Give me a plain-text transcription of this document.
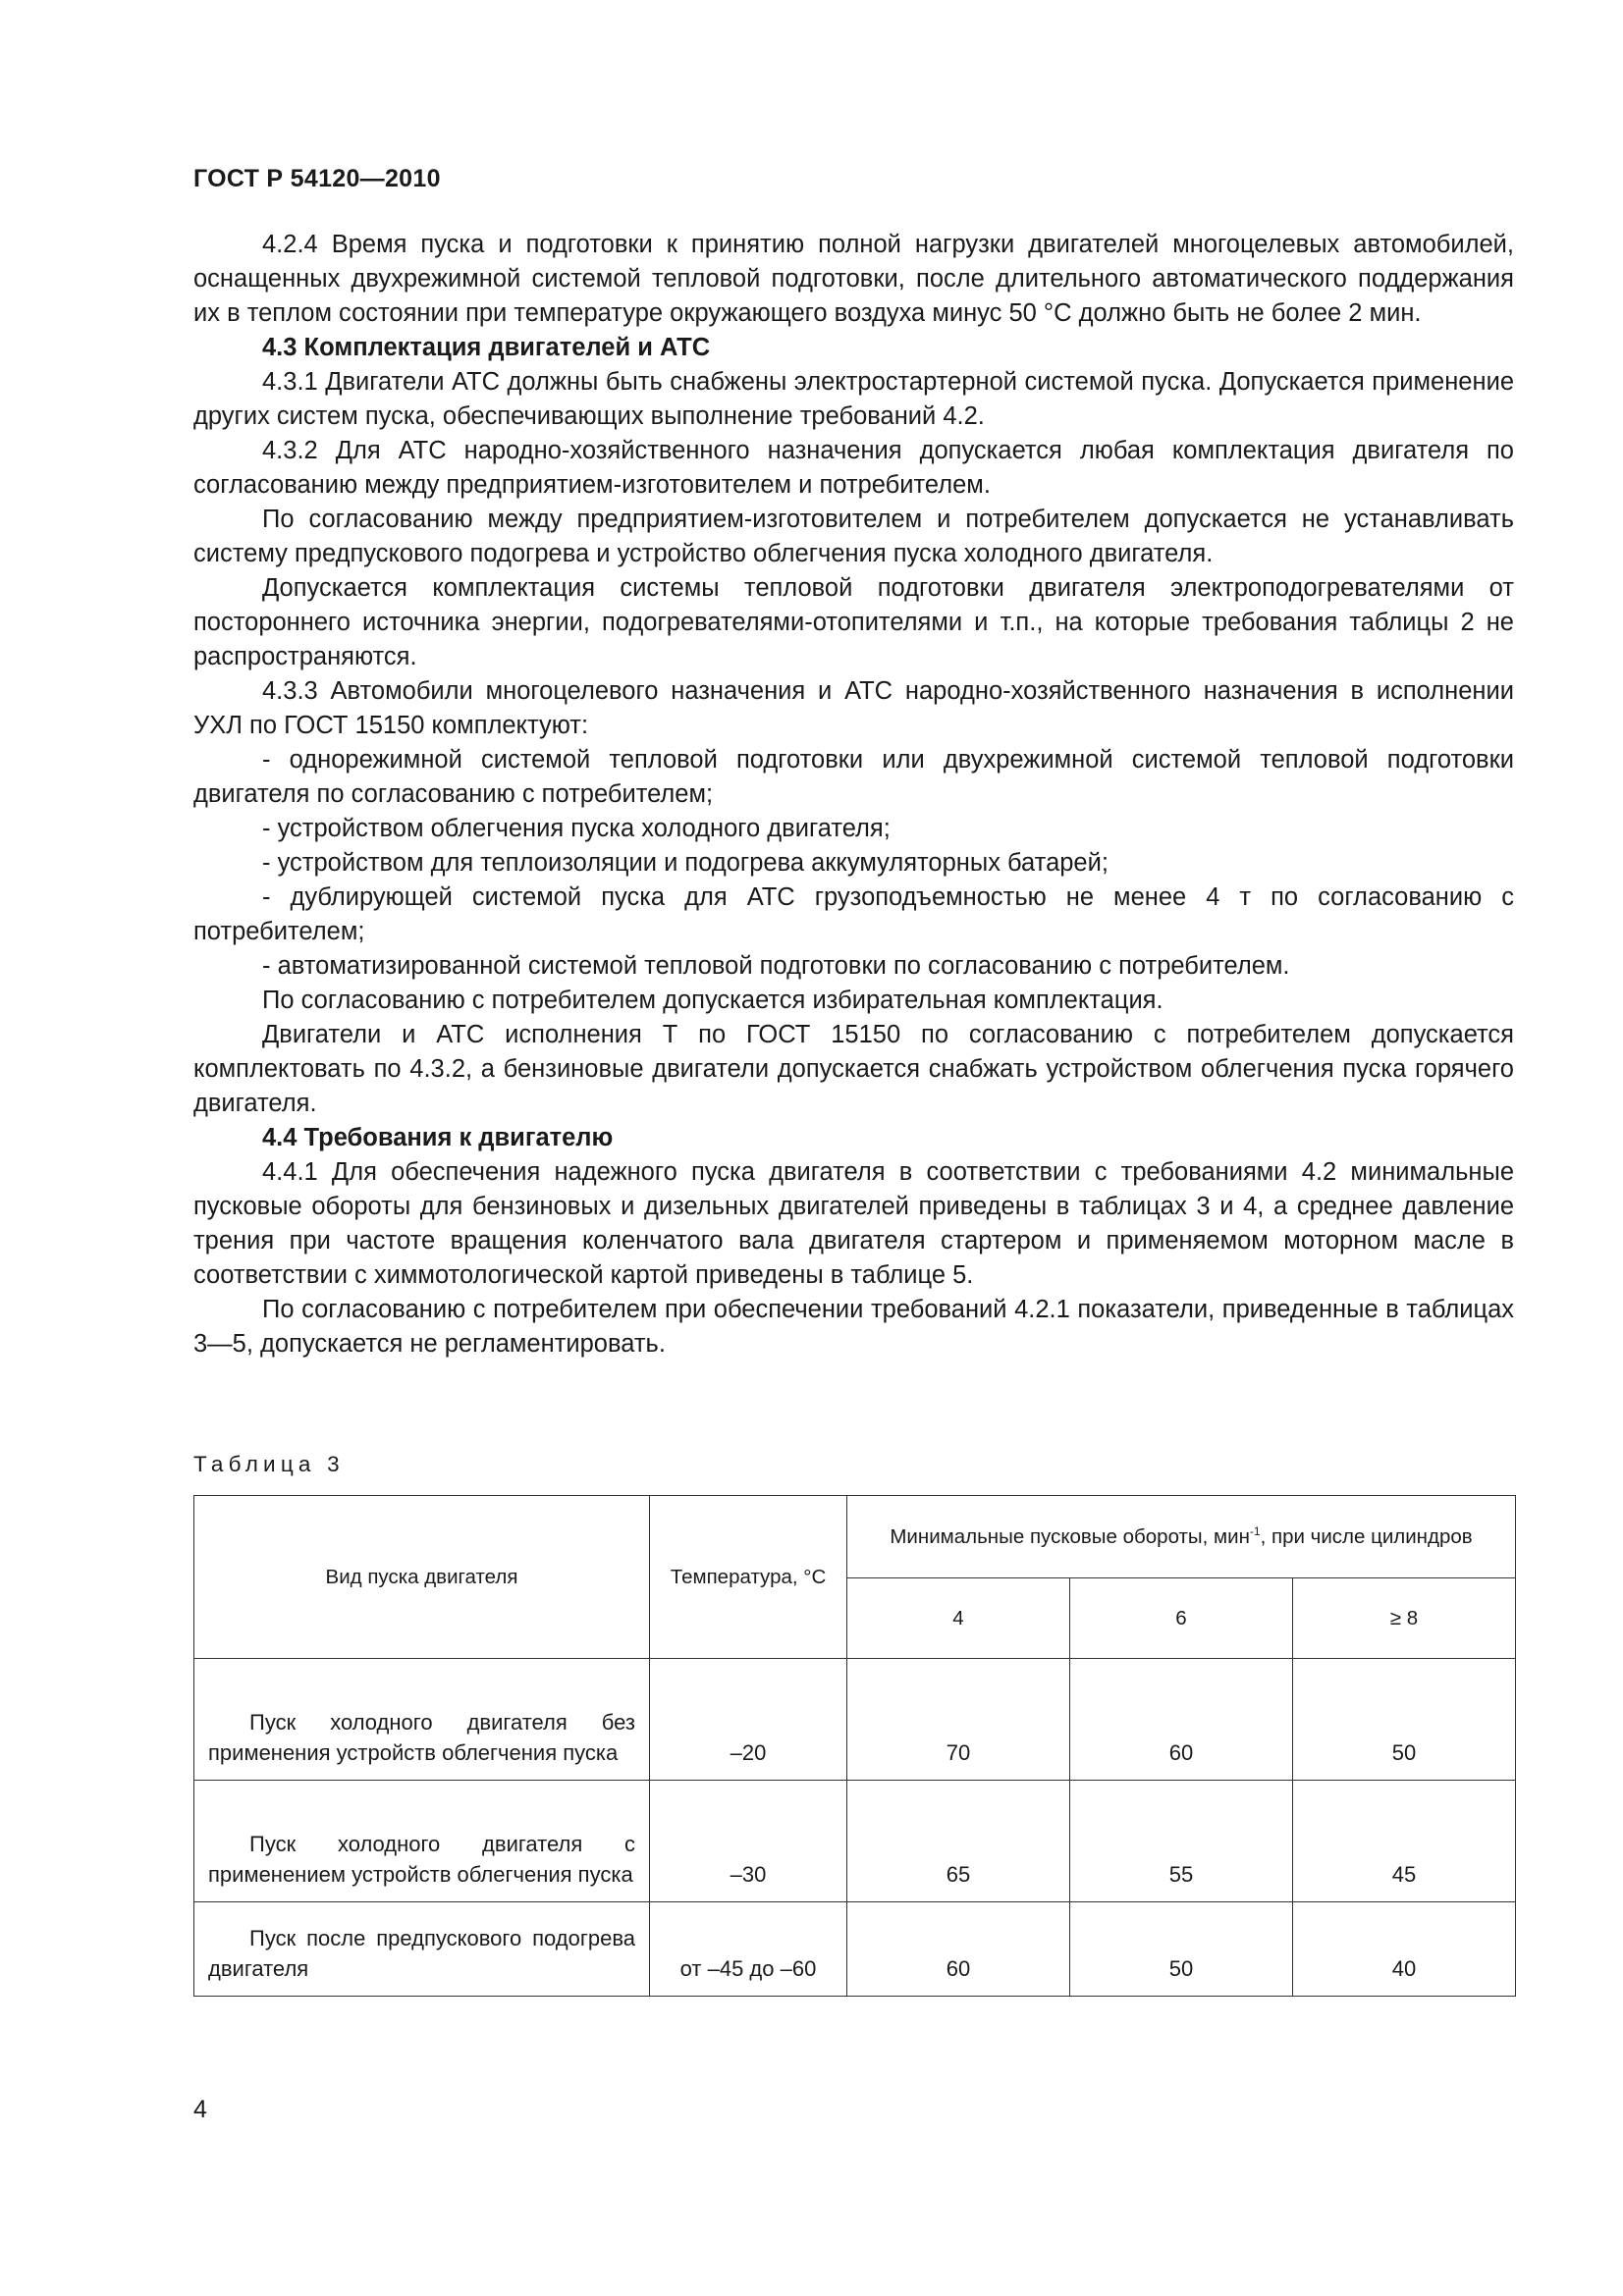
ГОСТ Р 54120—2010

4.2.4 Время пуска и подготовки к принятию полной нагрузки двигателей многоцелевых автомобилей, оснащенных двухрежимной системой тепловой подготовки, после длительного автоматического поддержания их в теплом состоянии при температуре окружающего воздуха минус 50 °С должно быть не более 2 мин.

4.3 Комплектация двигателей и АТС

4.3.1 Двигатели АТС должны быть снабжены электростартерной системой пуска. Допускается применение других систем пуска, обеспечивающих выполнение требований 4.2.

4.3.2 Для АТС народно-хозяйственного назначения допускается любая комплектация двигателя по согласованию между предприятием-изготовителем и потребителем.

По согласованию между предприятием-изготовителем и потребителем допускается не устанавливать систему предпускового подогрева и устройство облегчения пуска холодного двигателя.

Допускается комплектация системы тепловой подготовки двигателя электроподогревателями от постороннего источника энергии, подогревателями-отопителями и т.п., на которые требования таблицы 2 не распространяются.

4.3.3 Автомобили многоцелевого назначения и АТС народно-хозяйственного назначения в исполнении УХЛ по ГОСТ 15150 комплектуют:

- однорежимной системой тепловой подготовки или двухрежимной системой тепловой подготовки двигателя по согласованию с потребителем;

- устройством облегчения пуска холодного двигателя;

- устройством для теплоизоляции и подогрева аккумуляторных батарей;

- дублирующей системой пуска для АТС грузоподъемностью не менее 4 т по согласованию с потребителем;

- автоматизированной системой тепловой подготовки по согласованию с потребителем.

По согласованию с потребителем допускается избирательная комплектация.

Двигатели и АТС исполнения Т по ГОСТ 15150 по согласованию с потребителем допускается комплектовать по 4.3.2, а бензиновые двигатели допускается снабжать устройством облегчения пуска горячего двигателя.

4.4 Требования к двигателю

4.4.1 Для обеспечения надежного пуска двигателя в соответствии с требованиями 4.2 минимальные пусковые обороты для бензиновых и дизельных двигателей приведены в таблицах 3 и 4, а среднее давление трения при частоте вращения коленчатого вала двигателя стартером и применяемом моторном масле в соответствии с химмотологической картой приведены в таблице 5.

По согласованию с потребителем при обеспечении требований 4.2.1 показатели, приведенные в таблицах 3—5, допускается не регламентировать.

Таблица 3
Вид пуска двигателя	Температура, °С	Минимальные пусковые обороты, мин$^{-1}$, при числе цилиндров		
		4	6	≥ 8
Пуск холодного двигателя без применения устройств облегчения пуска	–20	70	60	50
Пуск холодного двигателя с применением устройств облегчения пуска	–30	65	55	45
Пуск после предпускового подогрева двигателя	от –45 до –60	60	50	40
4
